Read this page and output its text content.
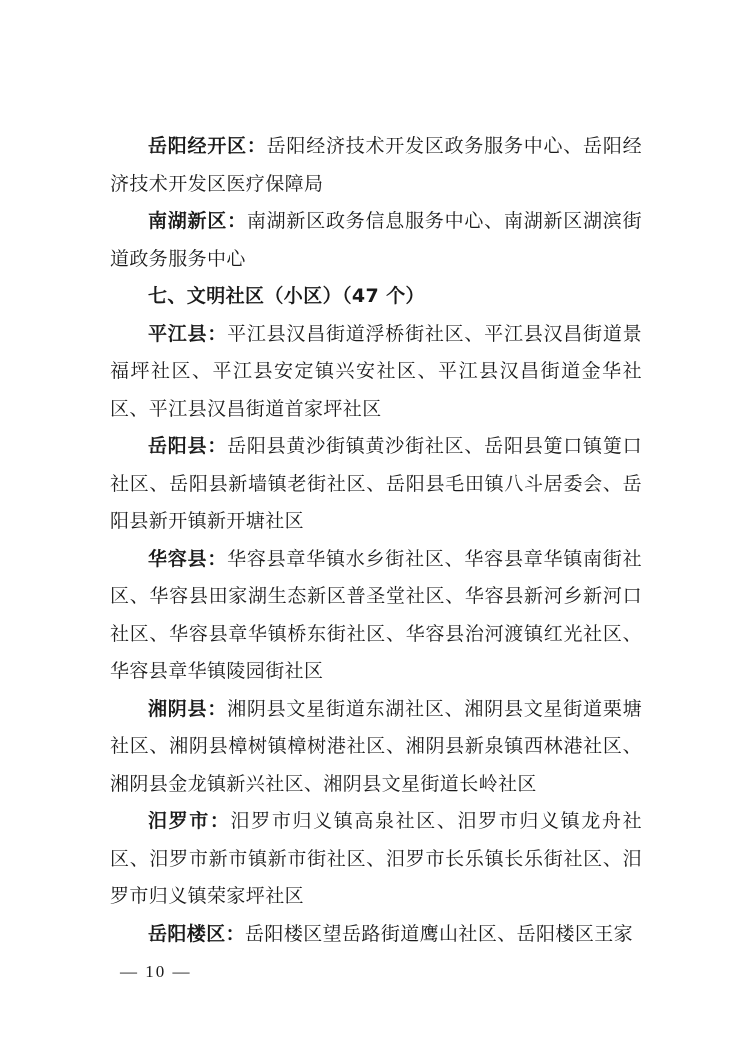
岳阳经开区：岳阳经济技术开发区政务服务中心、岳阳经济技术开发区医疗保障局

南湖新区：南湖新区政务信息服务中心、南湖新区湖滨街道政务服务中心

七、文明社区（小区）（47 个）

平江县：平江县汉昌街道浮桥街社区、平江县汉昌街道景福坪社区、平江县安定镇兴安社区、平江县汉昌街道金华社区、平江县汉昌街道首家坪社区

岳阳县：岳阳县黄沙街镇黄沙街社区、岳阳县筻口镇筻口社区、岳阳县新墙镇老街社区、岳阳县毛田镇八斗居委会、岳阳县新开镇新开塘社区

华容县：华容县章华镇水乡街社区、华容县章华镇南街社区、华容县田家湖生态新区普圣堂社区、华容县新河乡新河口社区、华容县章华镇桥东街社区、华容县治河渡镇红光社区、华容县章华镇陵园街社区

湘阴县：湘阴县文星街道东湖社区、湘阴县文星街道栗塘社区、湘阴县樟树镇樟树港社区、湘阴县新泉镇西林港社区、湘阴县金龙镇新兴社区、湘阴县文星街道长岭社区

汨罗市：汨罗市归义镇高泉社区、汨罗市归义镇龙舟社区、汨罗市新市镇新市街社区、汨罗市长乐镇长乐街社区、汨罗市归义镇荣家坪社区

岳阳楼区：岳阳楼区望岳路街道鹰山社区、岳阳楼区王家

— 10 —
